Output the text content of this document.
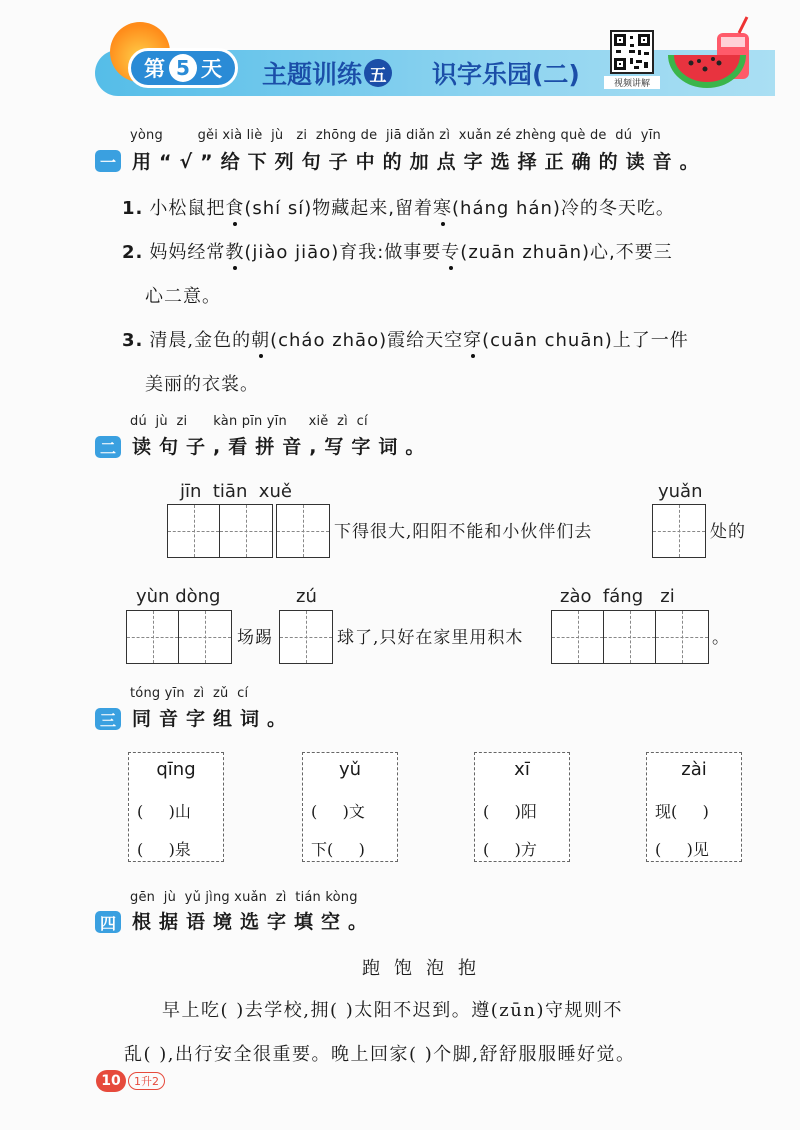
第 5 天 主题训练 五 识字乐园(二)	视频讲解
yòng        gěi xià liè  jù   zi  zhōng de  jiā diǎn zì  xuǎn zé zhèng què de  dú  yīn
一 用“√”给下列句子中的加点字选择正确的读音。
1. 小松鼠把食(shí sí)物藏起来,留着寒(háng hán)冷的冬天吃。
2. 妈妈经常教(jiào jiāo)育我:做事要专(zuān zhuān)心,不要三
心二意。
3. 清晨,金色的朝(cháo zhāo)霞给天空穿(cuān chuān)上了一件
美丽的衣裳。
dú  jù  zi      kàn pīn yīn     xiě  zì  cí
二 读句子,看拼音,写字词。
jīn  tiān  xuě
下得很大,阳阳不能和小伙伴们去
yuǎn
处的
yùn dòng
场踢
zú
球了,只好在家里用积木
zào  fáng   zi
。
tóng yīn  zì  zǔ  cí
三 同音字组词。
qīng
(     )山
(     )泉
yǔ
(     )文
下(     )
xī
(     )阳
(     )方
zài
现(     )
(     )见
gēn  jù  yǔ jìng xuǎn  zì  tián kòng
四 根据语境选字填空。
跑饱泡抱
早上吃( )去学校,拥( )太阳不迟到。遵(zūn)守规则不
乱( ),出行安全很重要。晚上回家( )个脚,舒舒服服睡好觉。
10	1升2
